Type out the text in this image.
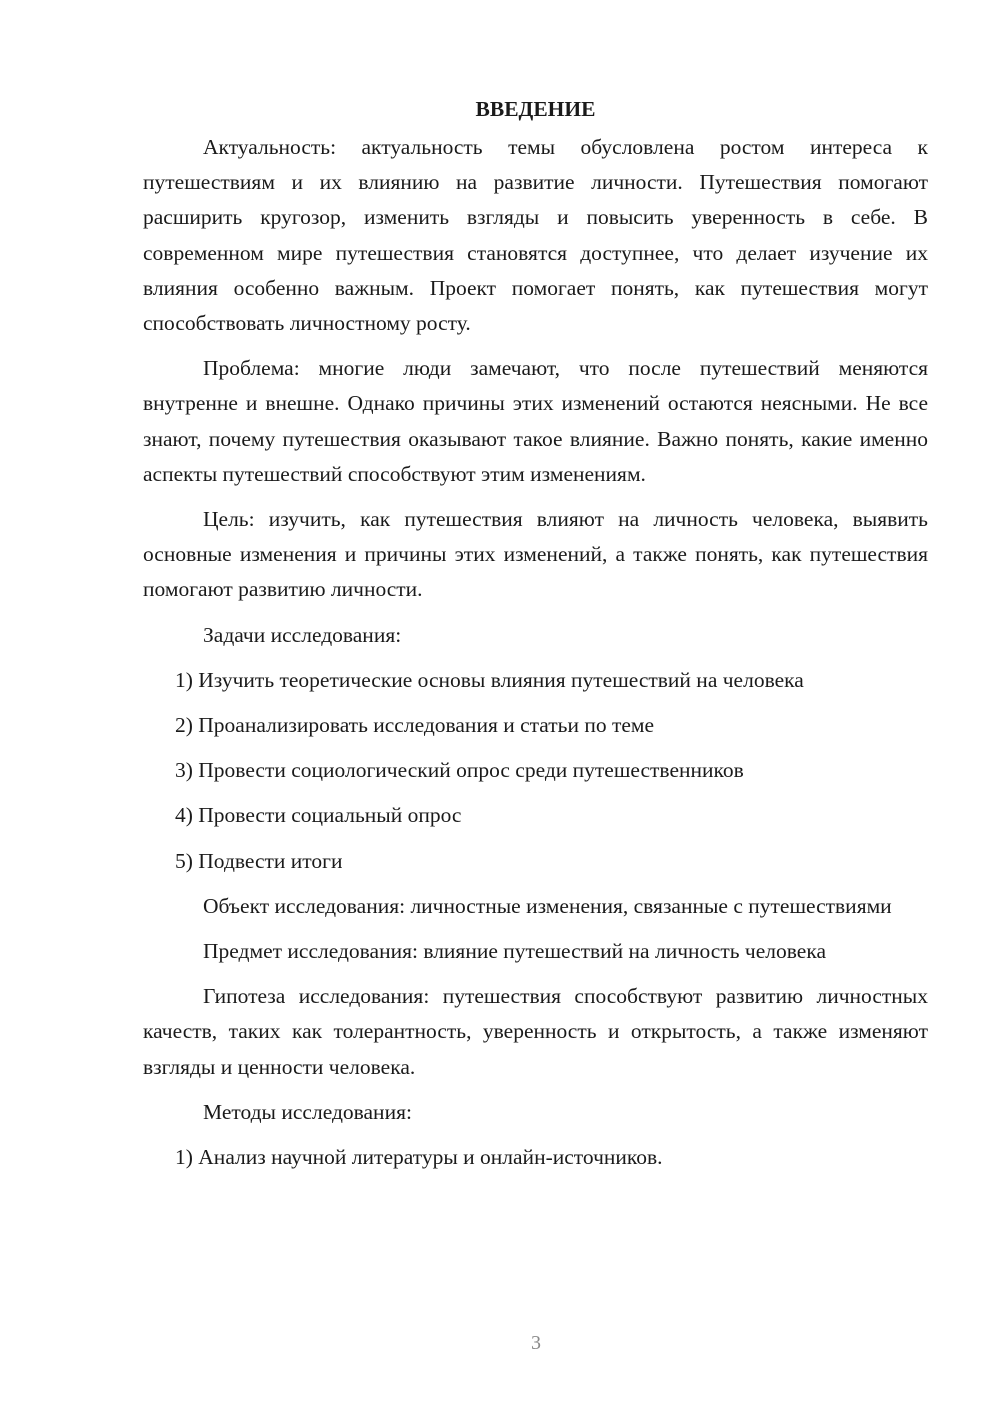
ВВЕДЕНИЕ

Актуальность: актуальность темы обусловлена ростом интереса к путешествиям и их влиянию на развитие личности. Путешествия помогают расширить кругозор, изменить взгляды и повысить уверенность в себе. В современном мире путешествия становятся доступнее, что делает изучение их влияния особенно важным. Проект помогает понять, как путешествия могут способствовать личностному росту.

Проблема: многие люди замечают, что после путешествий меняются внутренне и внешне. Однако причины этих изменений остаются неясными. Не все знают, почему путешествия оказывают такое влияние. Важно понять, какие именно аспекты путешествий способствуют этим изменениям.

Цель: изучить, как путешествия влияют на личность человека, выявить основные изменения и причины этих изменений, а также понять, как путешествия помогают развитию личности.

Задачи исследования:

1) Изучить теоретические основы влияния путешествий на человека
2) Проанализировать исследования и статьи по теме
3) Провести социологический опрос среди путешественников
4) Провести социальный опрос
5) Подвести итоги

Объект исследования: личностные изменения, связанные с путешествиями

Предмет исследования: влияние путешествий на личность человека

Гипотеза исследования: путешествия способствуют развитию личностных качеств, таких как толерантность, уверенность и открытость, а также изменяют взгляды и ценности человека.

Методы исследования:

1) Анализ научной литературы и онлайн-источников.
3
